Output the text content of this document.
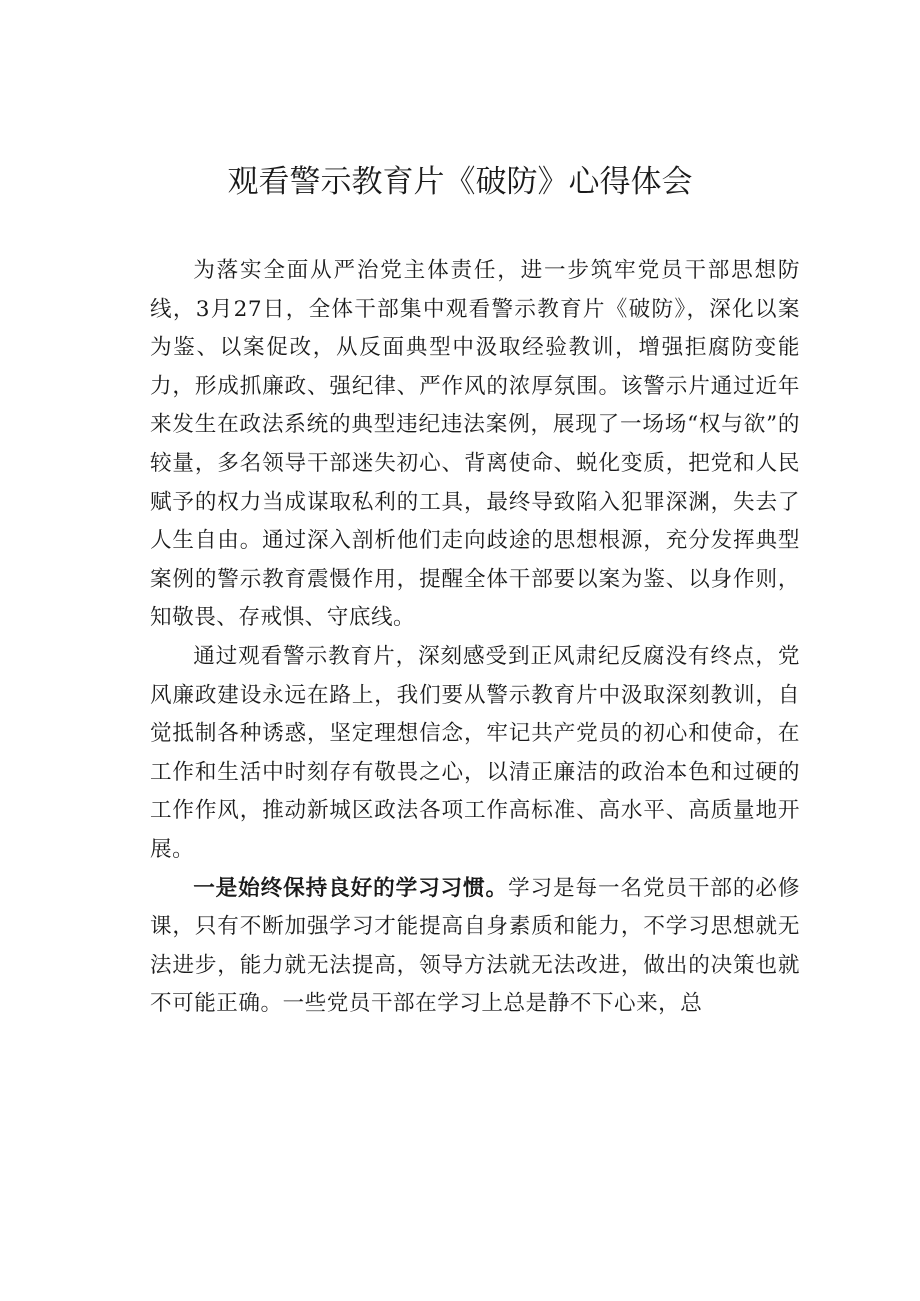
观看警示教育片《破防》心得体会

为落实全面从严治党主体责任，进一步筑牢党员干部思想防线，3月27日，全体干部集中观看警示教育片《破防》，深化以案为鉴、以案促改，从反面典型中汲取经验教训，增强拒腐防变能力，形成抓廉政、强纪律、严作风的浓厚氛围。该警示片通过近年来发生在政法系统的典型违纪违法案例，展现了一场场“权与欲”的较量，多名领导干部迷失初心、背离使命、蜕化变质，把党和人民赋予的权力当成谋取私利的工具，最终导致陷入犯罪深渊，失去了人生自由。通过深入剖析他们走向歧途的思想根源，充分发挥典型案例的警示教育震慑作用，提醒全体干部要以案为鉴、以身作则，知敬畏、存戒惧、守底线。

通过观看警示教育片，深刻感受到正风肃纪反腐没有终点，党风廉政建设永远在路上，我们要从警示教育片中汲取深刻教训，自觉抵制各种诱惑，坚定理想信念，牢记共产党员的初心和使命，在工作和生活中时刻存有敬畏之心，以清正廉洁的政治本色和过硬的工作作风，推动新城区政法各项工作高标准、高水平、高质量地开展。

一是始终保持良好的学习习惯。学习是每一名党员干部的必修课，只有不断加强学习才能提高自身素质和能力，不学习思想就无法进步，能力就无法提高，领导方法就无法改进，做出的决策也就不可能正确。一些党员干部在学习上总是静不下心来，总
